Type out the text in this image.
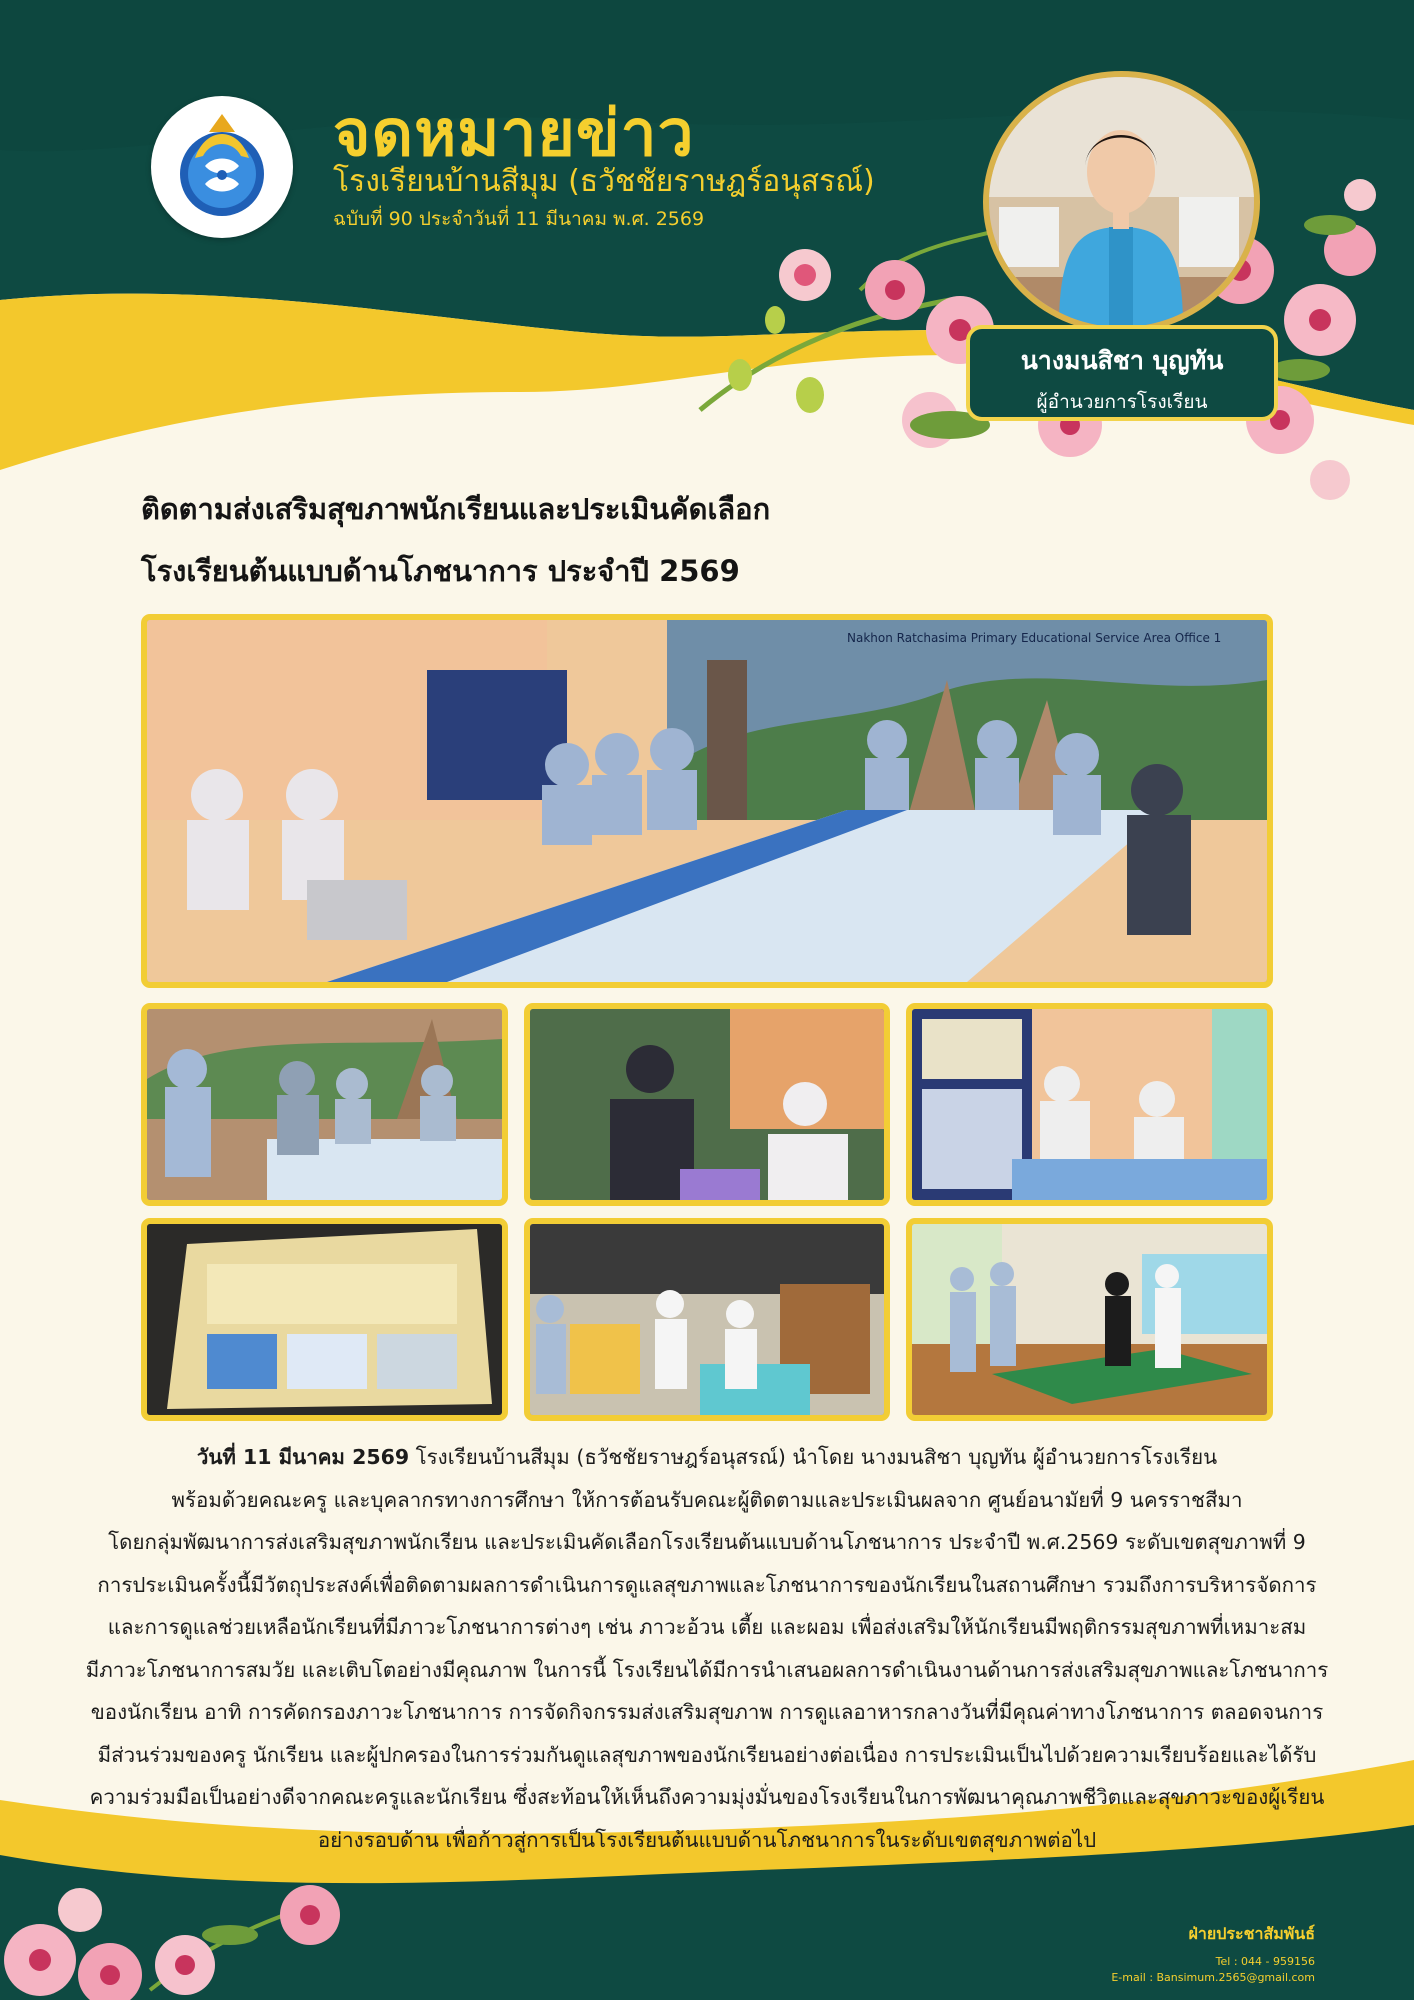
จดหมายข่าว
โรงเรียนบ้านสีมุม (ธวัชชัยราษฎร์อนุสรณ์)
ฉบับที่ 90 ประจำวันที่ 11 มีนาคม พ.ศ. 2569
นางมนสิชา บุญทัน
ผู้อำนวยการโรงเรียน
ติดตามส่งเสริมสุขภาพนักเรียนและประเมินคัดเลือก
โรงเรียนต้นแบบด้านโภชนาการ ประจำปี 2569
Nakhon Ratchasima Primary Educational Service Area Office 1
วันที่ 11 มีนาคม 2569 โรงเรียนบ้านสีมุม (ธวัชชัยราษฎร์อนุสรณ์) นำโดย นางมนสิชา บุญทัน ผู้อำนวยการโรงเรียน
พร้อมด้วยคณะครู และบุคลากรทางการศึกษา ให้การต้อนรับคณะผู้ติดตามและประเมินผลจาก ศูนย์อนามัยที่ 9 นครราชสีมา
โดยกลุ่มพัฒนาการส่งเสริมสุขภาพนักเรียน และประเมินคัดเลือกโรงเรียนต้นแบบด้านโภชนาการ ประจำปี พ.ศ.2569 ระดับเขตสุขภาพที่ 9
การประเมินครั้งนี้มีวัตถุประสงค์เพื่อติดตามผลการดำเนินการดูแลสุขภาพและโภชนาการของนักเรียนในสถานศึกษา รวมถึงการบริหารจัดการ
และการดูแลช่วยเหลือนักเรียนที่มีภาวะโภชนาการต่างๆ เช่น ภาวะอ้วน เตี้ย และผอม เพื่อส่งเสริมให้นักเรียนมีพฤติกรรมสุขภาพที่เหมาะสม
มีภาวะโภชนาการสมวัย และเติบโตอย่างมีคุณภาพ ในการนี้ โรงเรียนได้มีการนำเสนอผลการดำเนินงานด้านการส่งเสริมสุขภาพและโภชนาการ
ของนักเรียน อาทิ การคัดกรองภาวะโภชนาการ การจัดกิจกรรมส่งเสริมสุขภาพ การดูแลอาหารกลางวันที่มีคุณค่าทางโภชนาการ ตลอดจนการ
มีส่วนร่วมของครู นักเรียน และผู้ปกครองในการร่วมกันดูแลสุขภาพของนักเรียนอย่างต่อเนื่อง การประเมินเป็นไปด้วยความเรียบร้อยและได้รับ
ความร่วมมือเป็นอย่างดีจากคณะครูและนักเรียน ซึ่งสะท้อนให้เห็นถึงความมุ่งมั่นของโรงเรียนในการพัฒนาคุณภาพชีวิตและสุขภาวะของผู้เรียน
อย่างรอบด้าน เพื่อก้าวสู่การเป็นโรงเรียนต้นแบบด้านโภชนาการในระดับเขตสุขภาพต่อไป
ฝ่ายประชาสัมพันธ์
Tel : 044 - 959156
E-mail : Bansimum.2565@gmail.com
